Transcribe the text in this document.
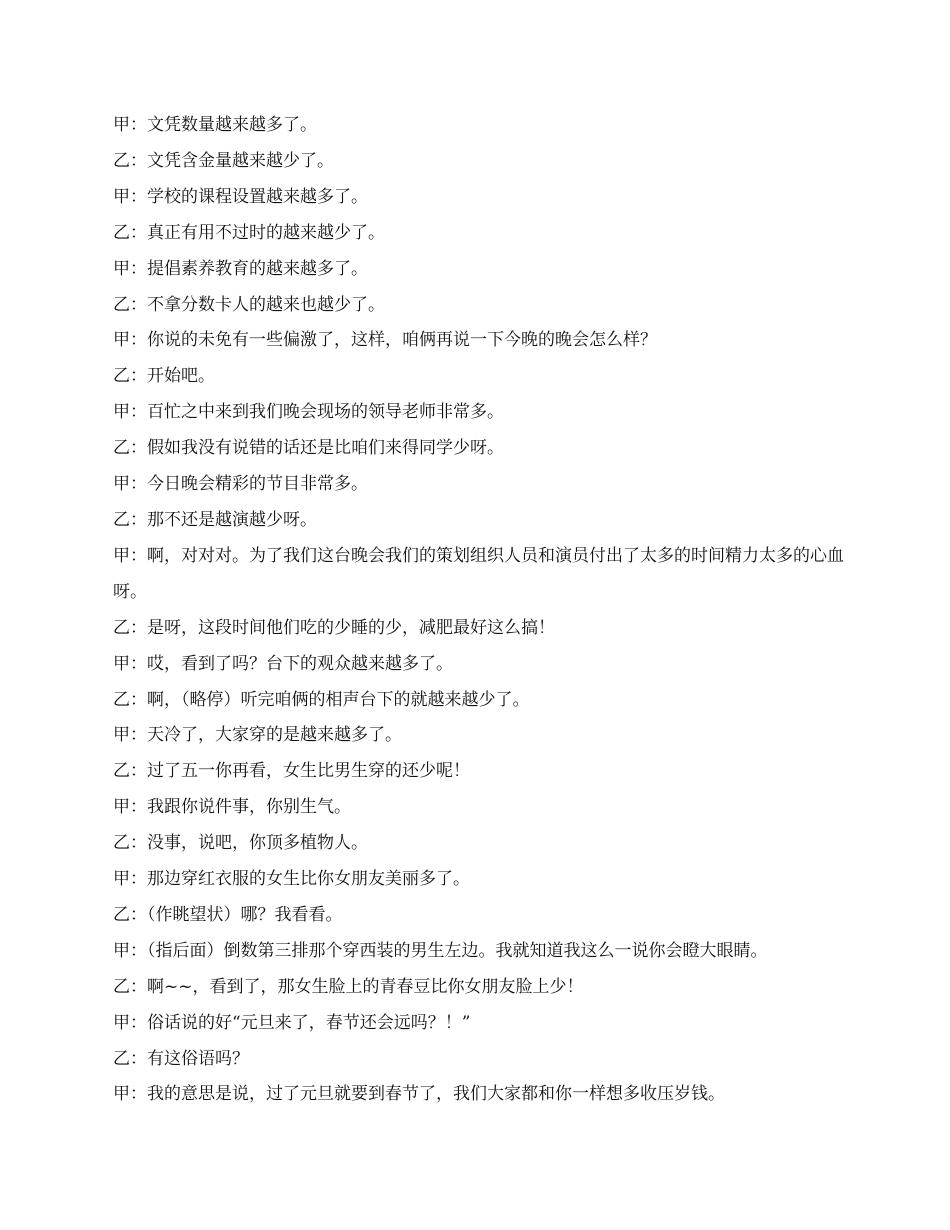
甲：文凭数量越来越多了。

乙：文凭含金量越来越少了。

甲：学校的课程设置越来越多了。

乙：真正有用不过时的越来越少了。

甲：提倡素养教育的越来越多了。

乙：不拿分数卡人的越来也越少了。

甲：你说的未免有一些偏激了，这样，咱俩再说一下今晚的晚会怎么样？

乙：开始吧。

甲：百忙之中来到我们晚会现场的领导老师非常多。

乙：假如我没有说错的话还是比咱们来得同学少呀。

甲：今日晚会精彩的节目非常多。

乙：那不还是越演越少呀。

甲：啊，对对对。为了我们这台晚会我们的策划组织人员和演员付出了太多的时间精力太多的心血呀。

乙：是呀，这段时间他们吃的少睡的少，减肥最好这么搞！

甲：哎，看到了吗？台下的观众越来越多了。

乙：啊，（略停）听完咱俩的相声台下的就越来越少了。

甲：天冷了，大家穿的是越来越多了。

乙：过了五一你再看，女生比男生穿的还少呢！

甲：我跟你说件事，你别生气。

乙：没事，说吧，你顶多植物人。

甲：那边穿红衣服的女生比你女朋友美丽多了。

乙：（作眺望状）哪？我看看。

甲：（指后面）倒数第三排那个穿西装的男生左边。我就知道我这么一说你会瞪大眼睛。

乙：啊~~，看到了，那女生脸上的青春豆比你女朋友脸上少！

甲：俗话说的好“元旦来了，春节还会远吗？！”

乙：有这俗语吗？

甲：我的意思是说，过了元旦就要到春节了，我们大家都和你一样想多收压岁钱。
